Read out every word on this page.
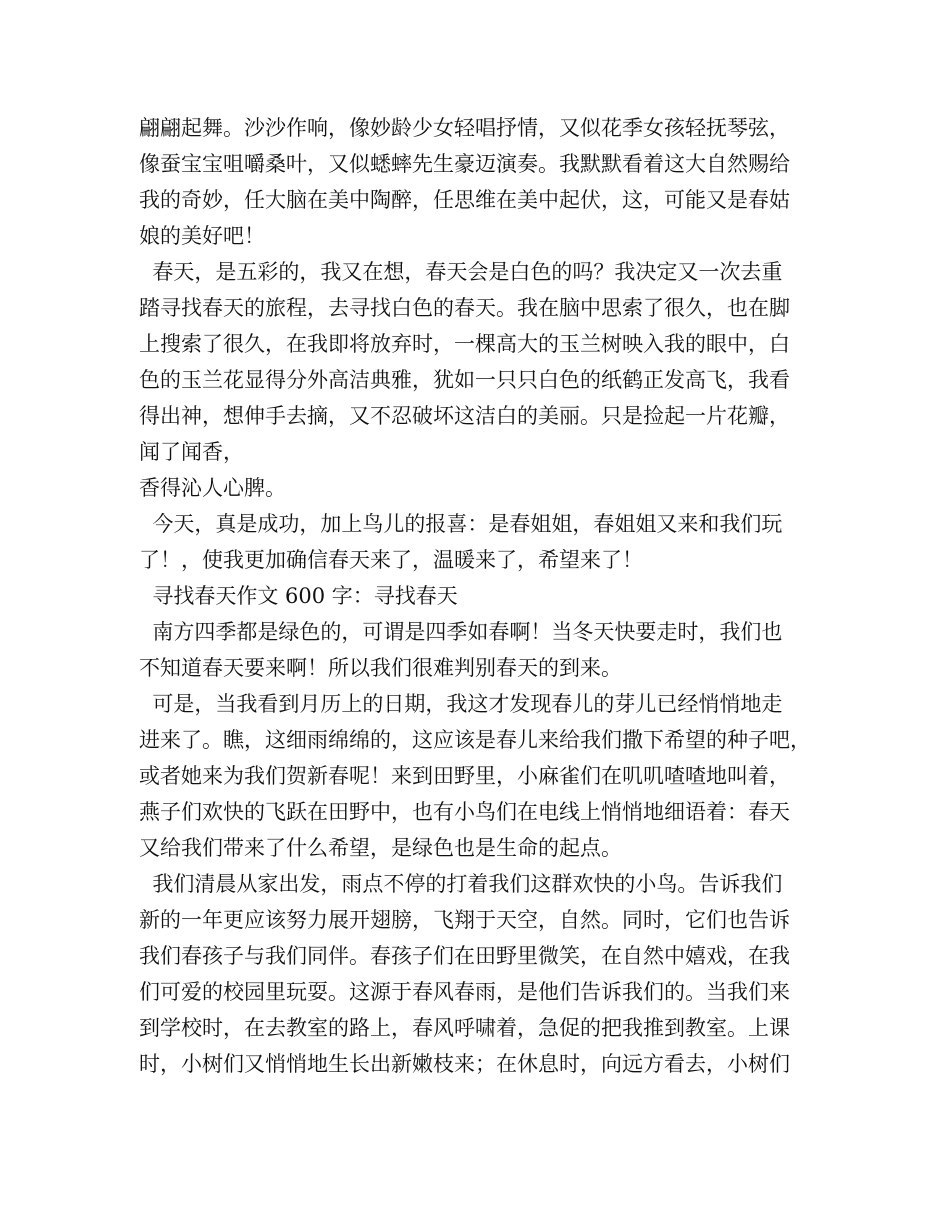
翩翩起舞。沙沙作响，像妙龄少女轻唱抒情，又似花季女孩轻抚琴弦，
像蚕宝宝咀嚼桑叶，又似蟋蟀先生豪迈演奏。我默默看着这大自然赐给
我的奇妙，任大脑在美中陶醉，任思维在美中起伏，这，可能又是春姑
娘的美好吧！
春天，是五彩的，我又在想，春天会是白色的吗？我决定又一次去重
踏寻找春天的旅程，去寻找白色的春天。我在脑中思索了很久，也在脚
上搜索了很久，在我即将放弃时，一棵高大的玉兰树映入我的眼中，白
色的玉兰花显得分外高洁典雅，犹如一只只白色的纸鹤正发高飞，我看
得出神，想伸手去摘，又不忍破坏这洁白的美丽。只是捡起一片花瓣，
闻了闻香，
香得沁人心脾。
今天，真是成功，加上鸟儿的报喜：是春姐姐，春姐姐又来和我们玩
了！，使我更加确信春天来了，温暖来了，希望来了！
寻找春天作文 600 字：寻找春天
南方四季都是绿色的，可谓是四季如春啊！当冬天快要走时，我们也
不知道春天要来啊！所以我们很难判别春天的到来。
可是，当我看到月历上的日期，我这才发现春儿的芽儿已经悄悄地走
进来了。瞧，这细雨绵绵的，这应该是春儿来给我们撒下希望的种子吧，
或者她来为我们贺新春呢！来到田野里，小麻雀们在叽叽喳喳地叫着，
燕子们欢快的飞跃在田野中，也有小鸟们在电线上悄悄地细语着：春天
又给我们带来了什么希望，是绿色也是生命的起点。
我们清晨从家出发，雨点不停的打着我们这群欢快的小鸟。告诉我们
新的一年更应该努力展开翅膀，飞翔于天空，自然。同时，它们也告诉
我们春孩子与我们同伴。春孩子们在田野里微笑，在自然中嬉戏，在我
们可爱的校园里玩耍。这源于春风春雨，是他们告诉我们的。当我们来
到学校时，在去教室的路上，春风呼啸着，急促的把我推到教室。上课
时，小树们又悄悄地生长出新嫩枝来；在休息时，向远方看去，小树们
